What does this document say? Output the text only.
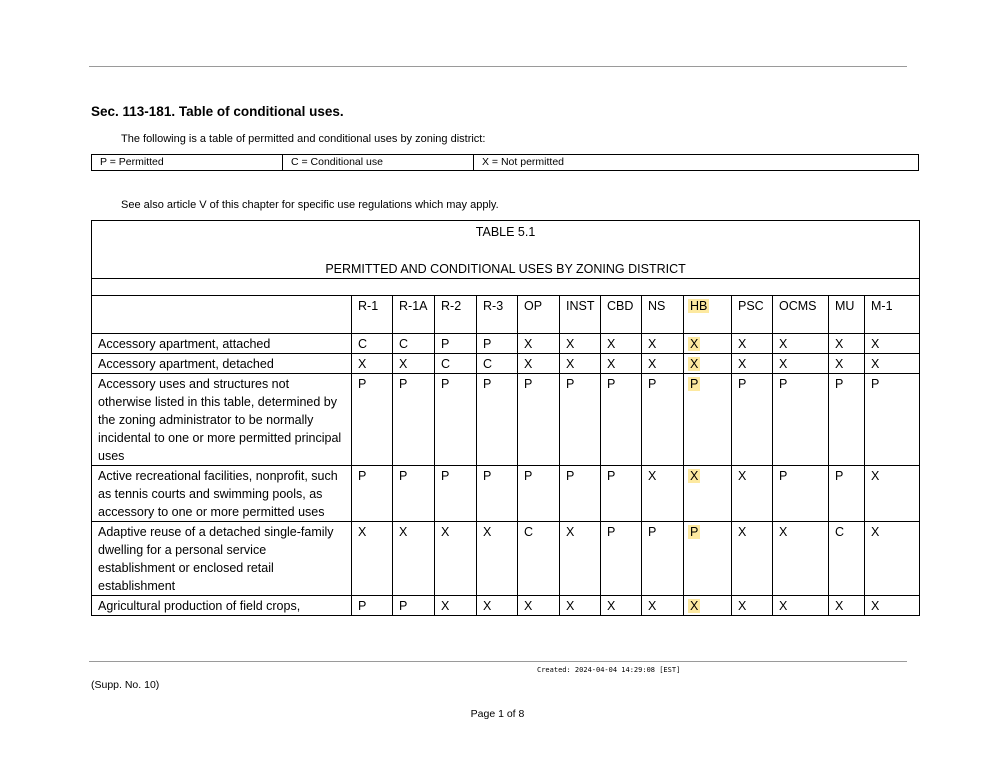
Sec. 113-181. Table of conditional uses.
The following is a table of permitted and conditional uses by zoning district:
P = Permitted	C = Conditional use	X = Not permitted
See also article V of this chapter for specific use regulations which may apply.
TABLE 5.1
PERMITTED AND CONDITIONAL USES BY ZONING DISTRICT													

	R-1	R-1A	R-2	R-3	OP	INST	CBD	NS	HB	PSC	OCMS	MU	M-1
Accessory apartment, attached	C	C	P	P	X	X	X	X	X	X	X	X	X
Accessory apartment, detached	X	X	C	C	X	X	X	X	X	X	X	X	X
Accessory uses and structures not otherwise listed in this table, determined by the zoning administrator to be normally incidental to one or more permitted principal uses	P	P	P	P	P	P	P	P	P	P	P	P	P
Active recreational facilities, nonprofit, such as tennis courts and swimming pools, as accessory to one or more permitted uses	P	P	P	P	P	P	P	X	X	X	P	P	X
Adaptive reuse of a detached single-family dwelling for a personal service establishment or enclosed retail establishment	X	X	X	X	C	X	P	P	P	X	X	C	X
Agricultural production of field crops,	P	P	X	X	X	X	X	X	X	X	X	X	X
Created: 2024-04-04 14:29:08 [EST]
(Supp. No. 10)
Page 1 of 8
